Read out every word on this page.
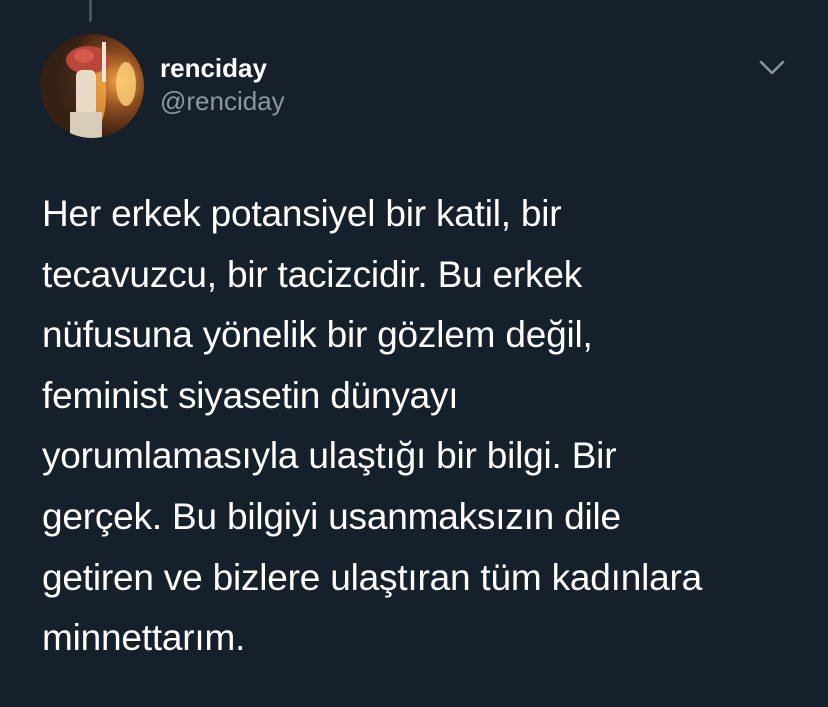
renciday
@renciday
Her erkek potansiyel bir katil, bir
tecavuzcu, bir tacizcidir. Bu erkek
nüfusuna yönelik bir gözlem değil,
feminist siyasetin dünyayı
yorumlamasıyla ulaştığı bir bilgi. Bir
gerçek. Bu bilgiyi usanmaksızın dile
getiren ve bizlere ulaştıran tüm kadınlara
minnettarım.
